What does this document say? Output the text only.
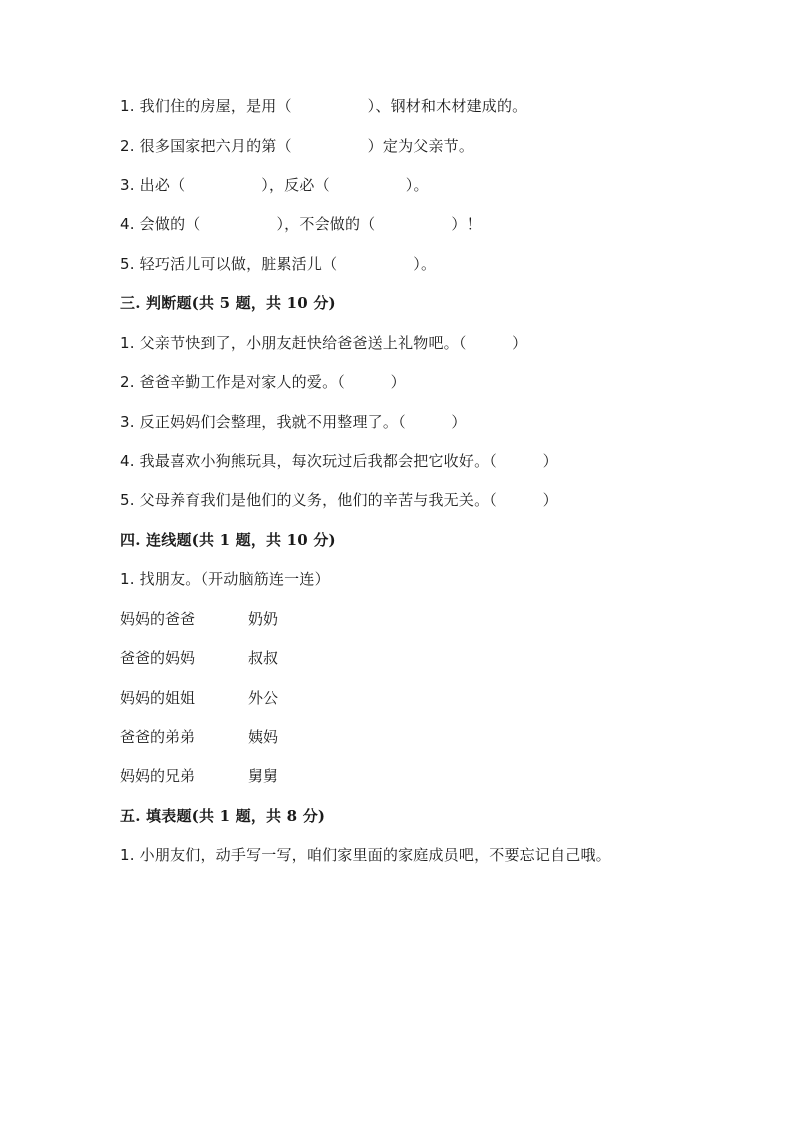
1. 我们住的房屋，是用（　　　　　）、钢材和木材建成的。
2. 很多国家把六月的第（　　　　　）定为父亲节。
3. 出必（　　　　　），反必（　　　　　）。
4. 会做的（　　　　　），不会做的（　　　　　）！
5. 轻巧活儿可以做，脏累活儿（　　　　　）。
三. 判断题(共 5 题，共 10 分)
1. 父亲节快到了，小朋友赶快给爸爸送上礼物吧。（　　　）
2. 爸爸辛勤工作是对家人的爱。（　　　）
3. 反正妈妈们会整理，我就不用整理了。（　　　）
4. 我最喜欢小狗熊玩具，每次玩过后我都会把它收好。（　　　）
5. 父母养育我们是他们的义务，他们的辛苦与我无关。（　　　）
四. 连线题(共 1 题，共 10 分)
1. 找朋友。（开动脑筋连一连）
妈妈的爸爸	奶奶
爸爸的妈妈	叔叔
妈妈的姐姐	外公
爸爸的弟弟	姨妈
妈妈的兄弟	舅舅
五. 填表题(共 1 题，共 8 分)
1. 小朋友们，动手写一写，咱们家里面的家庭成员吧，不要忘记自己哦。
